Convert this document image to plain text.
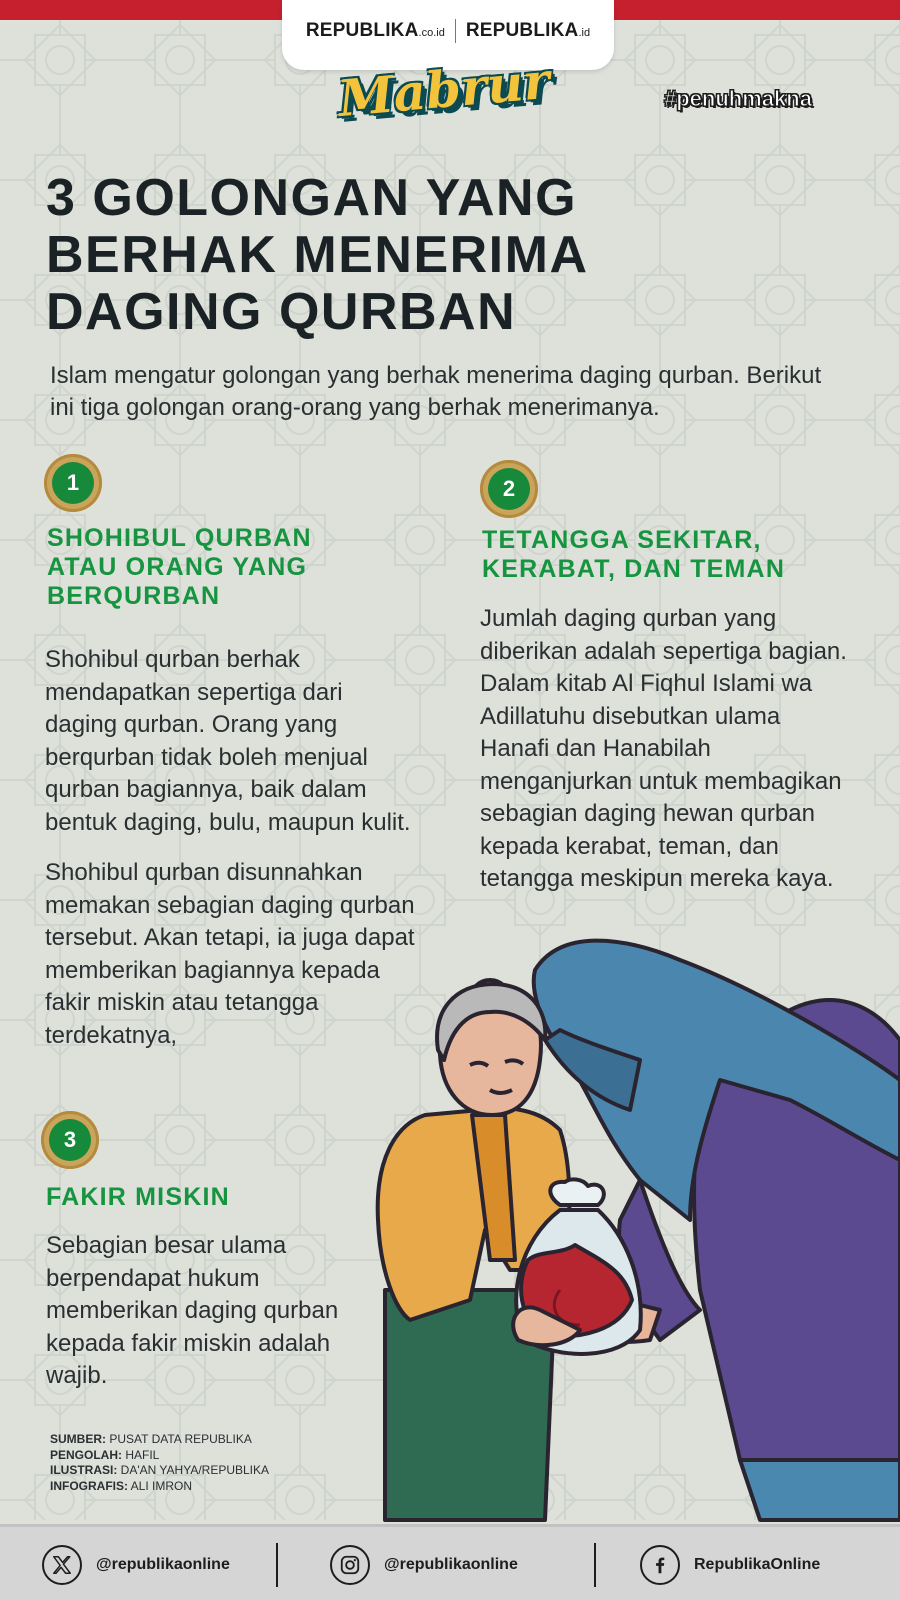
REPUBLIKA.co.id REPUBLIKA.id
Mabrur	#penuhmakna
3 GOLONGAN YANG
BERHAK MENERIMA
DAGING QURBAN

Islam mengatur golongan yang berhak menerima daging qurban. Berikut
ini tiga golongan orang-orang yang berhak menerimanya.

1
SHOHIBUL QURBAN
ATAU ORANG YANG
BERQURBAN
Shohibul qurban berhak
mendapatkan sepertiga dari
daging qurban. Orang yang
berqurban tidak boleh menjual
qurban bagiannya, baik dalam
bentuk daging, bulu, maupun kulit.
Shohibul qurban disunnahkan
memakan sebagian daging qurban
tersebut. Akan tetapi, ia juga dapat
memberikan bagiannya kepada
fakir miskin atau tetangga
terdekatnya,
2
TETANGGA SEKITAR,
KERABAT, DAN TEMAN
Jumlah daging qurban yang
diberikan adalah sepertiga bagian.
Dalam kitab Al Fiqhul Islami wa
Adillatuhu disebutkan ulama
Hanafi dan Hanabilah
menganjurkan untuk membagikan
sebagian daging hewan qurban
kepada kerabat, teman, dan
tetangga meskipun mereka kaya.
3
FAKIR MISKIN
Sebagian besar ulama
berpendapat hukum
memberikan daging qurban
kepada fakir miskin adalah
wajib.
SUMBER: PUSAT DATA REPUBLIKA
PENGOLAH: HAFIL
ILUSTRASI: DA'AN YAHYA/REPUBLIKA
INFOGRAFIS: ALI IMRON
@republikaonline	@republikaonline	RepublikaOnline
